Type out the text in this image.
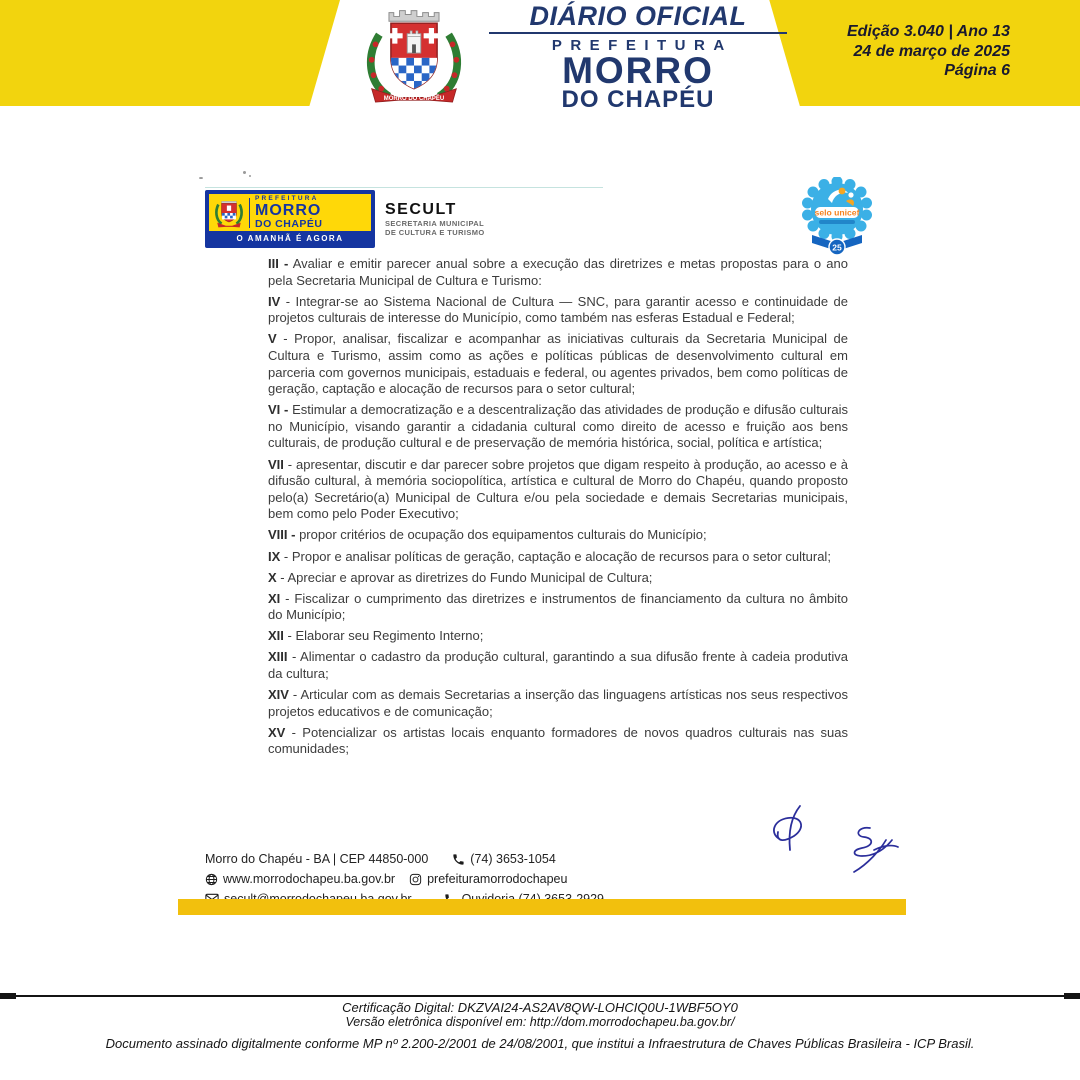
MORRO DO CHAPÉU
DIÁRIO OFICIAL
PREFEITURA
MORRO
DO CHAPÉU
Edição 3.040 | Ano 13
24 de março de 2025
Página 6
PREFEITURA
MORRO
DO CHAPÉU
O AMANHÃ É AGORA
SECULT
SECRETARIA MUNICIPAL
DE CULTURA E TURISMO
selo unicef
25

III - Avaliar e emitir parecer anual sobre a execução das diretrizes e metas propostas para o ano pela Secretaria Municipal de Cultura e Turismo:

IV - Integrar-se ao Sistema Nacional de Cultura — SNC, para garantir acesso e continuidade de projetos culturais de interesse do Município, como também nas esferas Estadual e Federal;

V - Propor, analisar, fiscalizar e acompanhar as iniciativas culturais da Secretaria Municipal de Cultura e Turismo, assim como as ações e políticas públicas de desenvolvimento cultural em parceria com governos municipais, estaduais e federal, ou agentes privados, bem como políticas de geração, captação e alocação de recursos para o setor cultural;

VI - Estimular a democratização e a descentralização das atividades de produção e difusão culturais no Município, visando garantir a cidadania cultural como direito de acesso e fruição aos bens culturais, de produção cultural e de preservação de memória histórica, social, política e artística;

VII - apresentar, discutir e dar parecer sobre projetos que digam respeito à produção, ao acesso e à difusão cultural, à memória sociopolítica, artística e cultural de Morro do Chapéu, quando proposto pelo(a) Secretário(a) Municipal de Cultura e/ou pela sociedade e demais Secretarias municipais, bem como pelo Poder Executivo;

VIII - propor critérios de ocupação dos equipamentos culturais do Município;

IX - Propor e analisar políticas de geração, captação e alocação de recursos para o setor cultural;

X - Apreciar e aprovar as diretrizes do Fundo Municipal de Cultura;

XI - Fiscalizar o cumprimento das diretrizes e instrumentos de financiamento da cultura no âmbito do Município;

XII - Elaborar seu Regimento Interno;

XIII - Alimentar o cadastro da produção cultural, garantindo a sua difusão frente à cadeia produtiva da cultura;

XIV - Articular com as demais Secretarias a inserção das linguagens artísticas nos seus respectivos projetos educativos e de comunicação;

XV - Potencializar os artistas locais enquanto formadores de novos quadros culturais nas suas comunidades;

Morro do Chapéu - BA | CEP 44850-000	(74) 3653-1054
www.morrodochapeu.ba.gov.br	prefeituramorrodochapeu
Certificação Digital: DKZVAI24-AS2AV8QW-LOHCIQ0U-1WBF5OY0
Versão eletrônica disponível em: http://dom.morrodochapeu.ba.gov.br/
Documento assinado digitalmente conforme MP nº 2.200-2/2001 de 24/08/2001, que institui a Infraestrutura de Chaves Públicas Brasileira - ICP Brasil.
